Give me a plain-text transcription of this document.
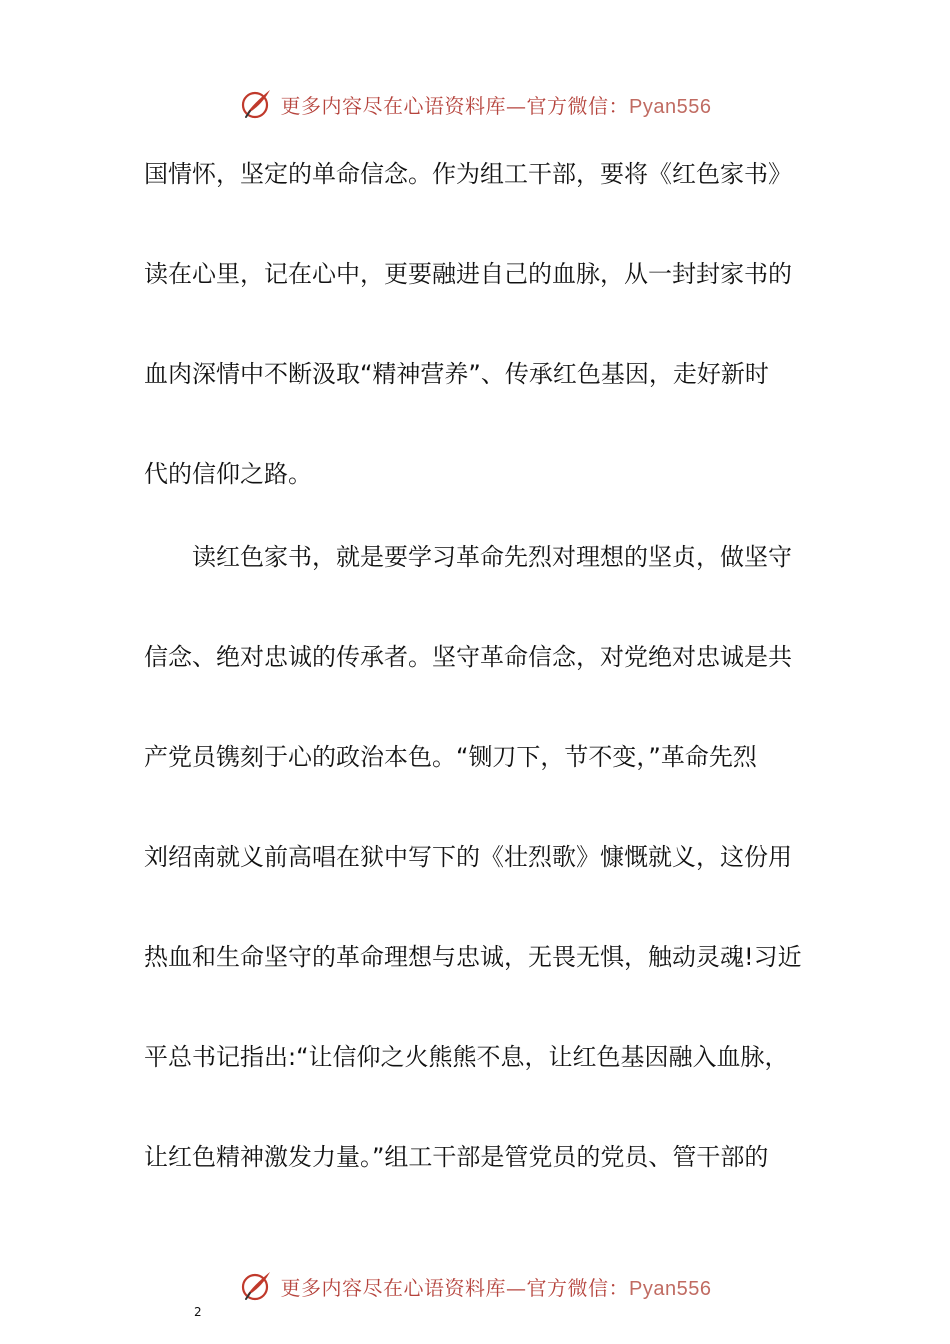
更多内容尽在心语资料库—官方微信：Pyan556
国情怀，坚定的单命信念。作为组工干部，要将《红色家书》
读在心里，记在心中，更要融进自己的血脉，从一封封家书的
血肉深情中不断汲取“精神营养”、传承红色基因，走好新时
代的信仰之路。
读红色家书，就是要学习革命先烈对理想的坚贞，做坚守
信念、绝对忠诚的传承者。坚守革命信念，对党绝对忠诚是共
产党员镌刻于心的政治本色。“铡刀下，节不变，”革命先烈
刘绍南就义前高唱在狱中写下的《壮烈歌》慷慨就义，这份用
热血和生命坚守的革命理想与忠诚，无畏无惧，触动灵魂!习近
平总书记指出:“让信仰之火熊熊不息，让红色基因融入血脉，
让红色精神激发力量。”组工干部是管党员的党员、管干部的
更多内容尽在心语资料库—官方微信：Pyan556
2
